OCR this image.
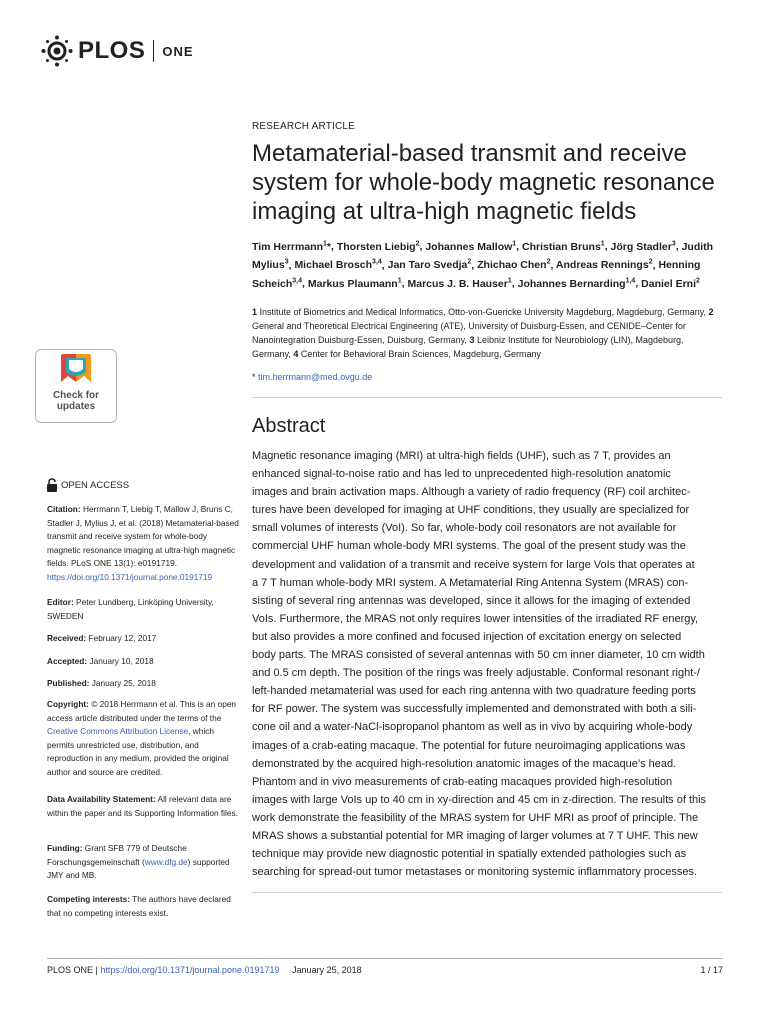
PLOS ONE
RESEARCH ARTICLE
Metamaterial-based transmit and receive system for whole-body magnetic resonance imaging at ultra-high magnetic fields
Tim Herrmann$^1$*, Thorsten Liebig$^2$, Johannes Mallow$^1$, Christian Bruns$^1$, Jörg Stadler$^3$, Judith Mylius$^3$, Michael Brosch$^{3,4}$, Jan Taro Svedja$^2$, Zhichao Chen$^2$, Andreas Rennings$^2$, Henning Scheich$^{3,4}$, Markus Plaumann$^1$, Marcus J. B. Hauser$^1$, Johannes Bernarding$^{1,4}$, Daniel Erni$^2$
1 Institute of Biometrics and Medical Informatics, Otto-von-Guericke University Magdeburg, Magdeburg, Germany, 2 General and Theoretical Electrical Engineering (ATE), University of Duisburg-Essen, and CENIDE–Center for Nanointegration Duisburg-Essen, Duisburg, Germany, 3 Leibniz Institute for Neurobiology (LIN), Magdeburg, Germany, 4 Center for Behavioral Brain Sciences, Magdeburg, Germany
* tim.herrmann@med.ovgu.de
Check for
updates
OPEN ACCESS
Citation: Herrmann T, Liebig T, Mallow J, Bruns C, Stadler J, Mylius J, et al. (2018) Metamaterial-based transmit and receive system for whole-body magnetic resonance imaging at ultra-high magnetic fields. PLoS ONE 13(1): e0191719. https://doi.org/10.1371/journal.pone.0191719
Editor: Peter Lundberg, Linköping University, SWEDEN
Received: February 12, 2017
Accepted: January 10, 2018
Published: January 25, 2018
Copyright: © 2018 Herrmann et al. This is an open access article distributed under the terms of the Creative Commons Attribution License, which permits unrestricted use, distribution, and reproduction in any medium, provided the original author and source are credited.
Data Availability Statement: All relevant data are within the paper and its Supporting Information files.
Funding: Grant SFB 779 of Deutsche Forschungsgemeinschaft (www.dfg.de) supported JMY and MB.
Competing interests: The authors have declared that no competing interests exist.
Abstract
Magnetic resonance imaging (MRI) at ultra-high fields (UHF), such as 7 T, provides an
enhanced signal-to-noise ratio and has led to unprecedented high-resolution anatomic
images and brain activation maps. Although a variety of radio frequency (RF) coil architec-
tures have been developed for imaging at UHF conditions, they usually are specialized for
small volumes of interests (VoI). So far, whole-body coil resonators are not available for
commercial UHF human whole-body MRI systems. The goal of the present study was the
development and validation of a transmit and receive system for large VoIs that operates at
a 7 T human whole-body MRI system. A Metamaterial Ring Antenna System (MRAS) con-
sisting of several ring antennas was developed, since it allows for the imaging of extended
VoIs. Furthermore, the MRAS not only requires lower intensities of the irradiated RF energy,
but also provides a more confined and focused injection of excitation energy on selected
body parts. The MRAS consisted of several antennas with 50 cm inner diameter, 10 cm width
and 0.5 cm depth. The position of the rings was freely adjustable. Conformal resonant right-/
left-handed metamaterial was used for each ring antenna with two quadrature feeding ports
for RF power. The system was successfully implemented and demonstrated with both a sili-
cone oil and a water-NaCl-isopropanol phantom as well as in vivo by acquiring whole-body
images of a crab-eating macaque. The potential for future neuroimaging applications was
demonstrated by the acquired high-resolution anatomic images of the macaque’s head.
Phantom and in vivo measurements of crab-eating macaques provided high-resolution
images with large VoIs up to 40 cm in xy-direction and 45 cm in z-direction. The results of this
work demonstrate the feasibility of the MRAS system for UHF MRI as proof of principle. The
MRAS shows a substantial potential for MR imaging of larger volumes at 7 T UHF. This new
technique may provide new diagnostic potential in spatially extended pathologies such as
searching for spread-out tumor metastases or monitoring systemic inflammatory processes.
PLOS ONE | https://doi.org/10.1371/journal.pone.0191719 January 25, 2018	1 / 17
